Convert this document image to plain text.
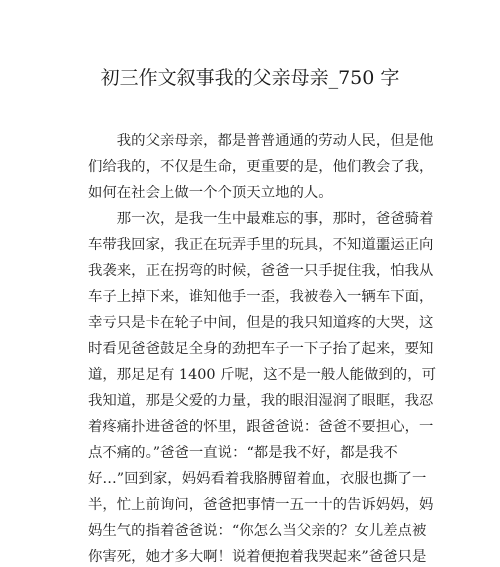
初三作文叙事我的父亲母亲_750 字
　　我的父亲母亲，都是普普通通的劳动人民，但是他
们给我的，不仅是生命，更重要的是，他们教会了我，
如何在社会上做一个个顶天立地的人。
　　那一次，是我一生中最难忘的事，那时，爸爸骑着
车带我回家，我正在玩弄手里的玩具，不知道噩运正向
我袭来，正在拐弯的时候，爸爸一只手捉住我，怕我从
车子上掉下来，谁知他手一歪，我被卷入一辆车下面，
幸亏只是卡在轮子中间，但是的我只知道疼的大哭，这
时看见爸爸鼓足全身的劲把车子一下子抬了起来，要知
道，那足足有 1400 斤呢，这不是一般人能做到的，可
我知道，那是父爱的力量，我的眼泪湿润了眼眶，我忍
着疼痛扑进爸爸的怀里，跟爸爸说：爸爸不要担心，一
点不痛的。”爸爸一直说：“都是我不好，都是我不
好…”回到家，妈妈看着我胳膊留着血，衣服也撕了一
半，忙上前询问，爸爸把事情一五一十的告诉妈妈，妈
妈生气的指着爸爸说：“你怎么当父亲的？女儿差点被
你害死，她才多大啊！说着便抱着我哭起来”爸爸只是
